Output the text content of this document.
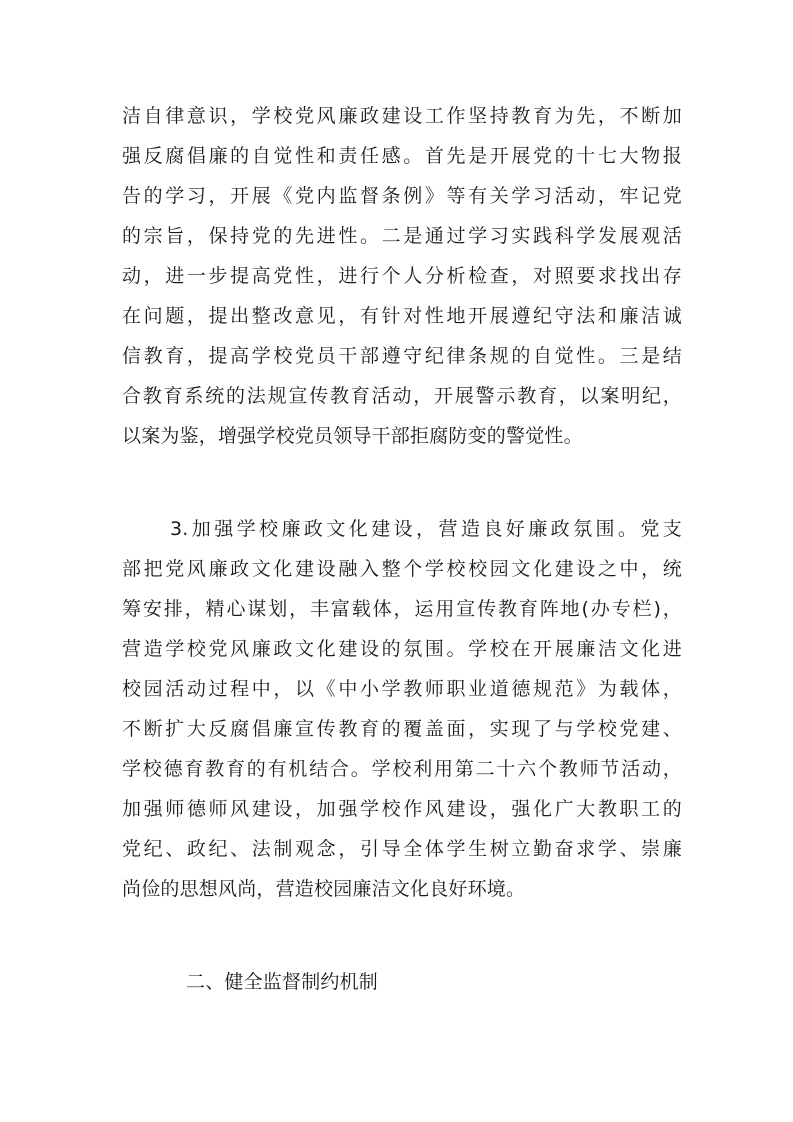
洁自律意识，学校党风廉政建设工作坚持教育为先，不断加
强反腐倡廉的自觉性和责任感。首先是开展党的十七大物报
告的学习，开展《党内监督条例》等有关学习活动，牢记党
的宗旨，保持党的先进性。二是通过学习实践科学发展观活
动，进一步提高党性，进行个人分析检查，对照要求找出存
在问题，提出整改意见，有针对性地开展遵纪守法和廉洁诚
信教育，提高学校党员干部遵守纪律条规的自觉性。三是结
合教育系统的法规宣传教育活动，开展警示教育，以案明纪，
以案为鉴，增强学校党员领导干部拒腐防变的警觉性。
3.加强学校廉政文化建设，营造良好廉政氛围。党支
部把党风廉政文化建设融入整个学校校园文化建设之中，统
筹安排，精心谋划，丰富载体，运用宣传教育阵地(办专栏)，
营造学校党风廉政文化建设的氛围。学校在开展廉洁文化进
校园活动过程中，以《中小学教师职业道德规范》为载体，
不断扩大反腐倡廉宣传教育的覆盖面，实现了与学校党建、
学校德育教育的有机结合。学校利用第二十六个教师节活动，
加强师德师风建设，加强学校作风建设，强化广大教职工的
党纪、政纪、法制观念，引导全体学生树立勤奋求学、崇廉
尚俭的思想风尚，营造校园廉洁文化良好环境。
二、健全监督制约机制
